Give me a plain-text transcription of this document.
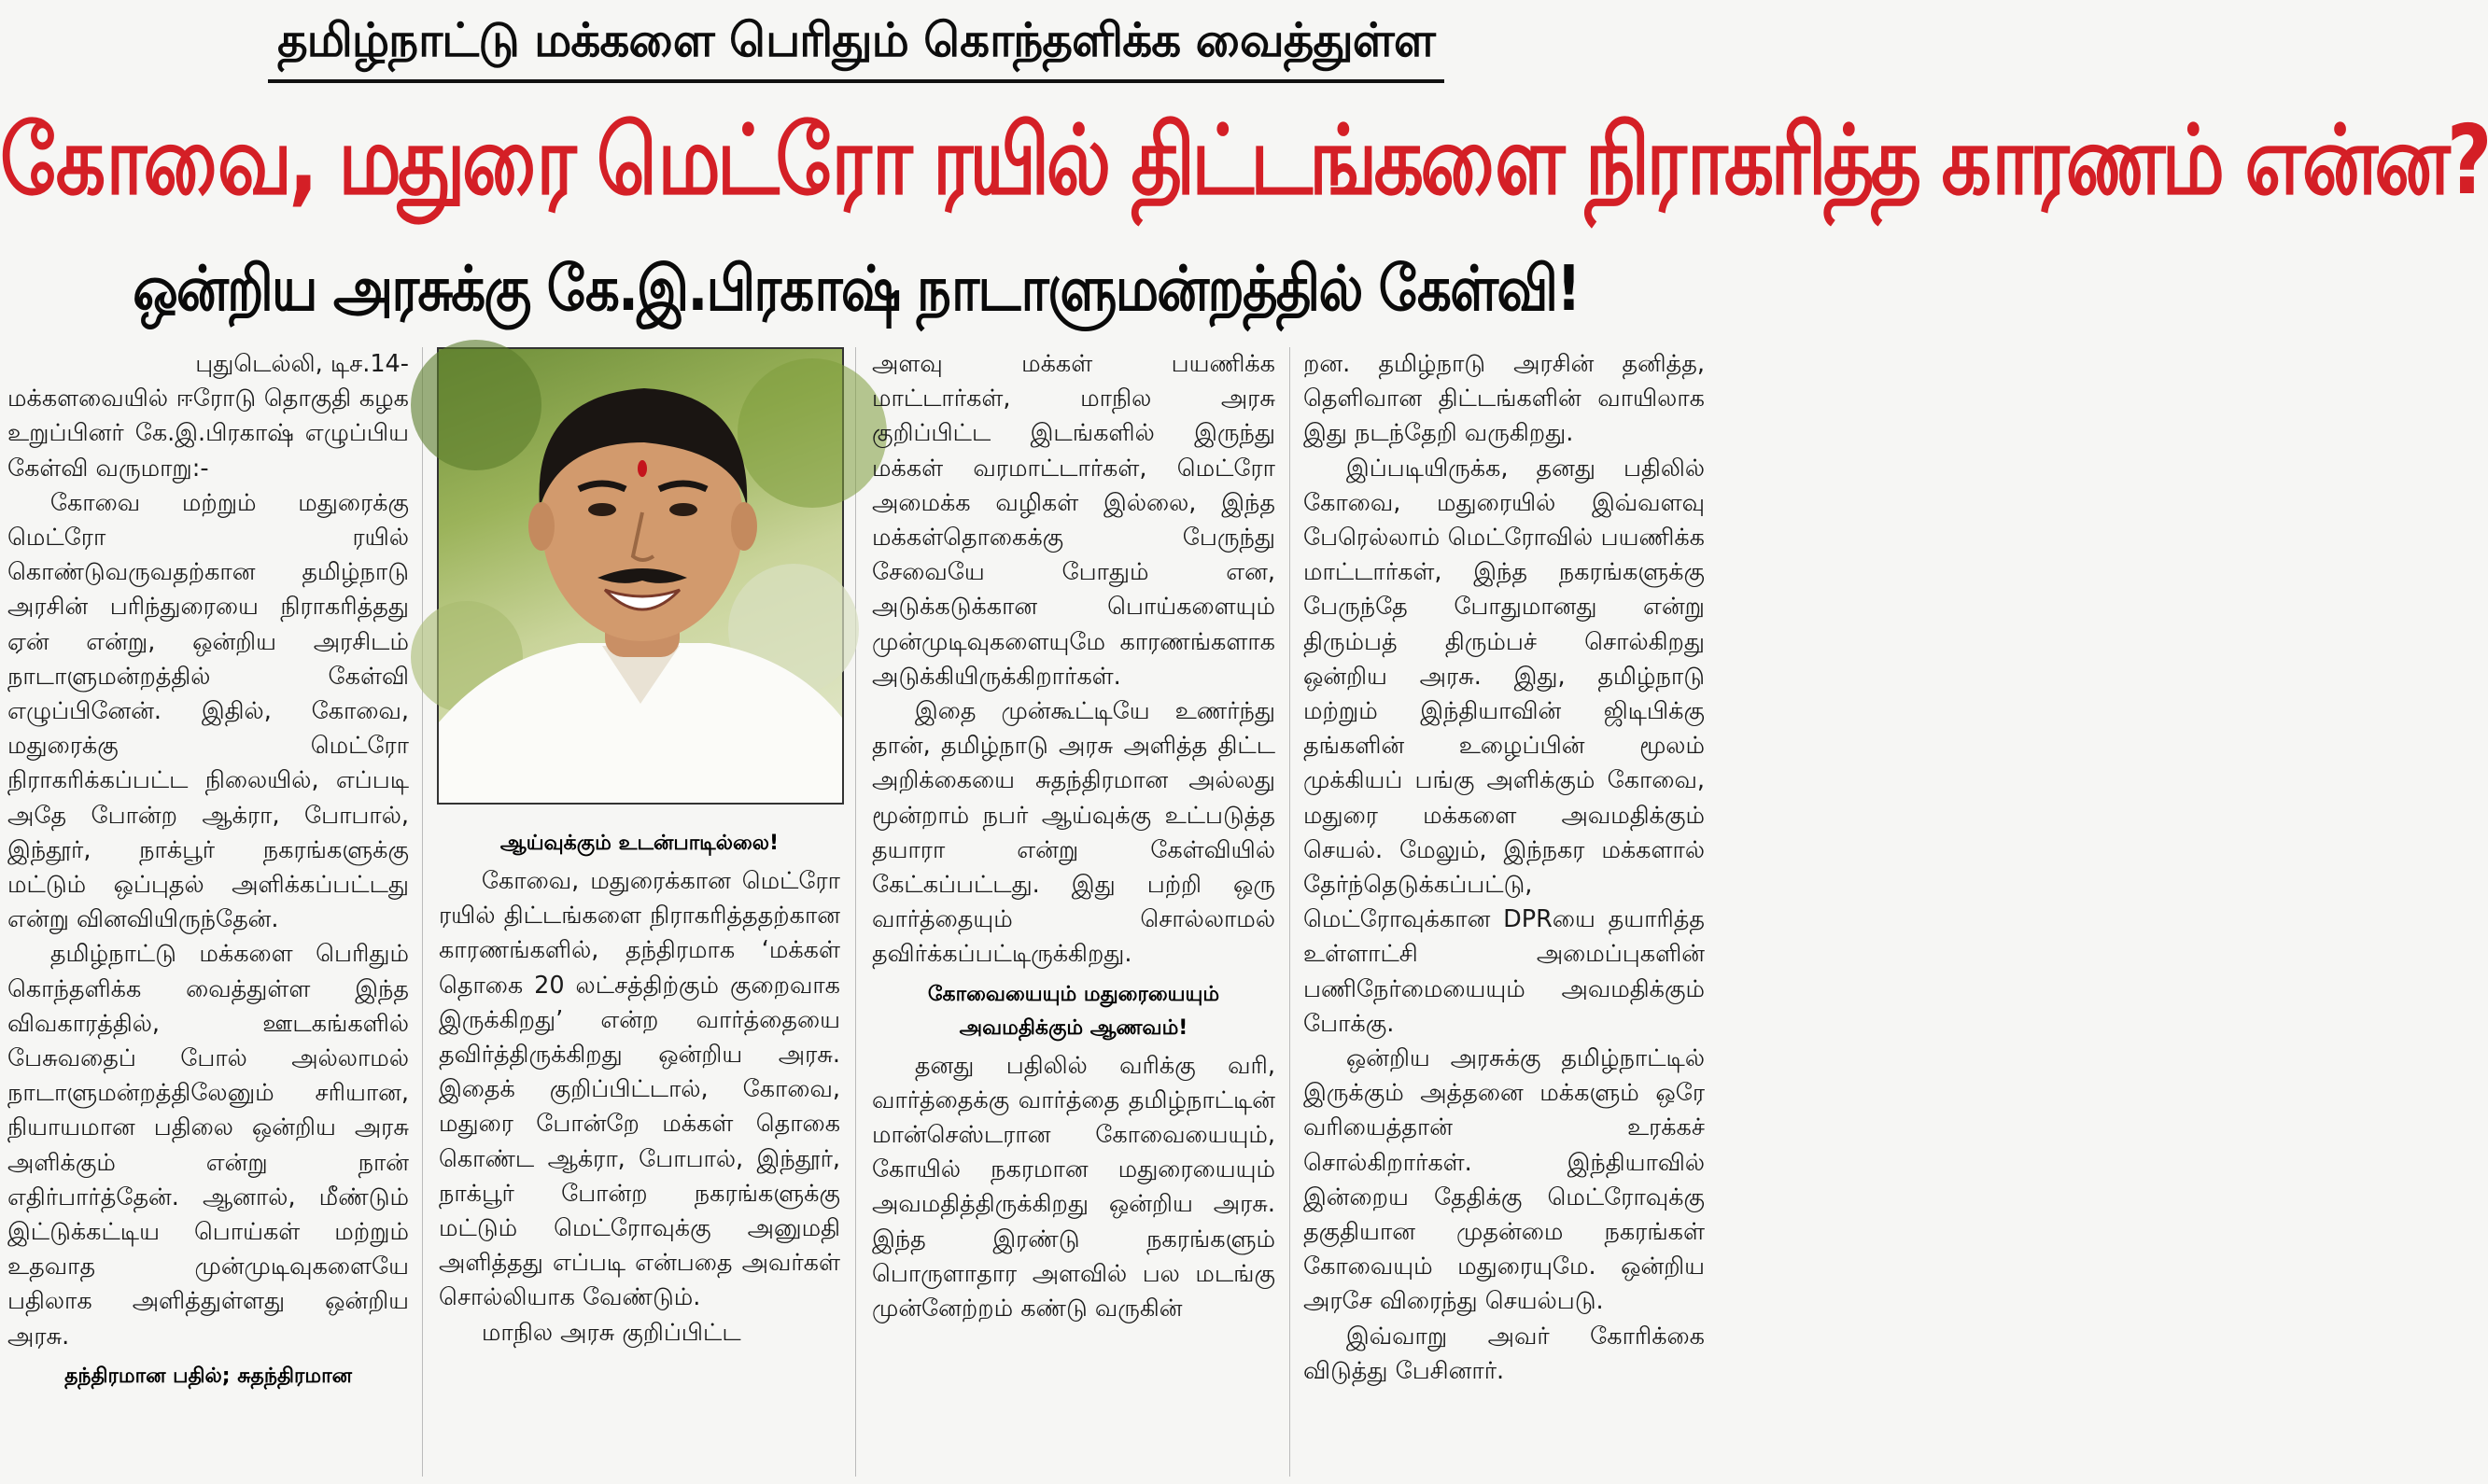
தமிழ்நாட்டு மக்களை பெரிதும் கொந்தளிக்க வைத்துள்ள
கோவை, மதுரை மெட்ரோ ரயில் திட்டங்களை நிராகரித்த காரணம் என்ன?
ஒன்றிய அரசுக்கு கே.இ.பிரகாஷ் நாடாளுமன்றத்தில் கேள்வி!

புதுடெல்லி, டிச.14-

மக்களவையில் ஈரோடு தொகுதி கழக உறுப்பினர் கே.இ.பிரகாஷ் எழுப்பிய கேள்வி வருமாறு:-

கோவை மற்றும் மதுரைக்கு மெட்ரோ ரயில் கொண்டுவருவதற்கான தமிழ்நாடு அரசின் பரிந்துரையை நிராகரித்தது ஏன் என்று, ஒன்றிய அரசிடம் நாடாளுமன்றத்தில் கேள்வி எழுப்பினேன். இதில், கோவை, மதுரைக்கு மெட்ரோ நிராகரிக்கப்பட்ட நிலையில், எப்படி அதே போன்ற ஆக்ரா, போபால், இந்தூர், நாக்பூர் நகரங்களுக்கு மட்டும் ஒப்புதல் அளிக்கப்பட்டது என்று வினவியிருந்தேன்.

தமிழ்நாட்டு மக்களை பெரிதும் கொந்தளிக்க வைத்துள்ள இந்த விவகாரத்தில், ஊடகங்களில் பேசுவதைப் போல் அல்லாமல் நாடாளுமன்றத்திலேனும் சரியான, நியாயமான பதிலை ஒன்றிய அரசு அளிக்கும் என்று நான் எதிர்பார்த்தேன். ஆனால், மீண்டும் இட்டுக்கட்டிய பொய்கள் மற்றும் உதவாத முன்முடிவுகளையே பதிலாக அளித்துள்ளது ஒன்றிய அரசு.

தந்திரமான பதில்; சுதந்திரமான
ஆய்வுக்கும் உடன்பாடில்லை!

கோவை, மதுரைக்கான மெட்ரோ ரயில் திட்டங்களை நிராகரித்ததற்கான காரணங்களில், தந்திரமாக ‘மக்கள் தொகை 20 லட்சத்திற்கும் குறைவாக இருக்கிறது’ என்ற வார்த்தையை தவிர்த்திருக்கிறது ஒன்றிய அரசு. இதைக் குறிப்பிட்டால், கோவை, மதுரை போன்றே மக்கள் தொகை கொண்ட ஆக்ரா, போபால், இந்தூர், நாக்பூர் போன்ற நகரங்களுக்கு மட்டும் மெட்ரோவுக்கு அனுமதி அளித்தது எப்படி என்பதை அவர்கள் சொல்லியாக வேண்டும்.

மாநில அரசு குறிப்பிட்ட

அளவு மக்கள் பயணிக்க மாட்டார்கள், மாநில அரசு குறிப்பிட்ட இடங்களில் இருந்து மக்கள் வரமாட்டார்கள், மெட்ரோ அமைக்க வழிகள் இல்லை, இந்த மக்கள்தொகைக்கு பேருந்து சேவையே போதும் என, அடுக்கடுக்கான பொய்களையும் முன்முடிவுகளையுமே காரணங்களாக அடுக்கியிருக்கிறார்கள்.

இதை முன்கூட்டியே உணர்ந்து தான், தமிழ்நாடு அரசு அளித்த திட்ட அறிக்கையை சுதந்திரமான அல்லது மூன்றாம் நபர் ஆய்வுக்கு உட்படுத்த தயாரா என்று கேள்வியில் கேட்கப்பட்டது. இது பற்றி ஒரு வார்த்தையும் சொல்லாமல் தவிர்க்கப்பட்டிருக்கிறது.

கோவையையும் மதுரையையும்
அவமதிக்கும் ஆணவம்!

தனது பதிலில் வரிக்கு வரி, வார்த்தைக்கு வார்த்தை தமிழ்நாட்டின் மான்செஸ்டரான கோவையையும், கோயில் நகரமான மதுரையையும் அவமதித்திருக்கிறது ஒன்றிய அரசு. இந்த இரண்டு நகரங்களும் பொருளாதார அளவில் பல மடங்கு முன்னேற்றம் கண்டு வருகின்

றன. தமிழ்நாடு அரசின் தனித்த, தெளிவான திட்டங்களின் வாயிலாக இது நடந்தேறி வருகிறது.

இப்படியிருக்க, தனது பதிலில் கோவை, மதுரையில் இவ்வளவு பேரெல்லாம் மெட்ரோவில் பயணிக்க மாட்டார்கள், இந்த நகரங்களுக்கு பேருந்தே போதுமானது என்று திரும்பத் திரும்பச் சொல்கிறது ஒன்றிய அரசு. இது, தமிழ்நாடு மற்றும் இந்தியாவின் ஜிடிபிக்கு தங்களின் உழைப்பின் மூலம் முக்கியப் பங்கு அளிக்கும் கோவை, மதுரை மக்களை அவமதிக்கும் செயல். மேலும், இந்நகர மக்களால் தேர்ந்தெடுக்கப்பட்டு, மெட்ரோவுக்கான DPRயை தயாரித்த உள்ளாட்சி அமைப்புகளின் பணிநேர்மையையும் அவமதிக்கும் போக்கு.

ஒன்றிய அரசுக்கு தமிழ்நாட்டில் இருக்கும் அத்தனை மக்களும் ஒரே வரியைத்தான் உரக்கச் சொல்கிறார்கள். இந்தியாவில் இன்றைய தேதிக்கு மெட்ரோவுக்கு தகுதியான முதன்மை நகரங்கள் கோவையும் மதுரையுமே. ஒன்றிய அரசே விரைந்து செயல்படு.

இவ்வாறு அவர் கோரிக்கை விடுத்து பேசினார்.
